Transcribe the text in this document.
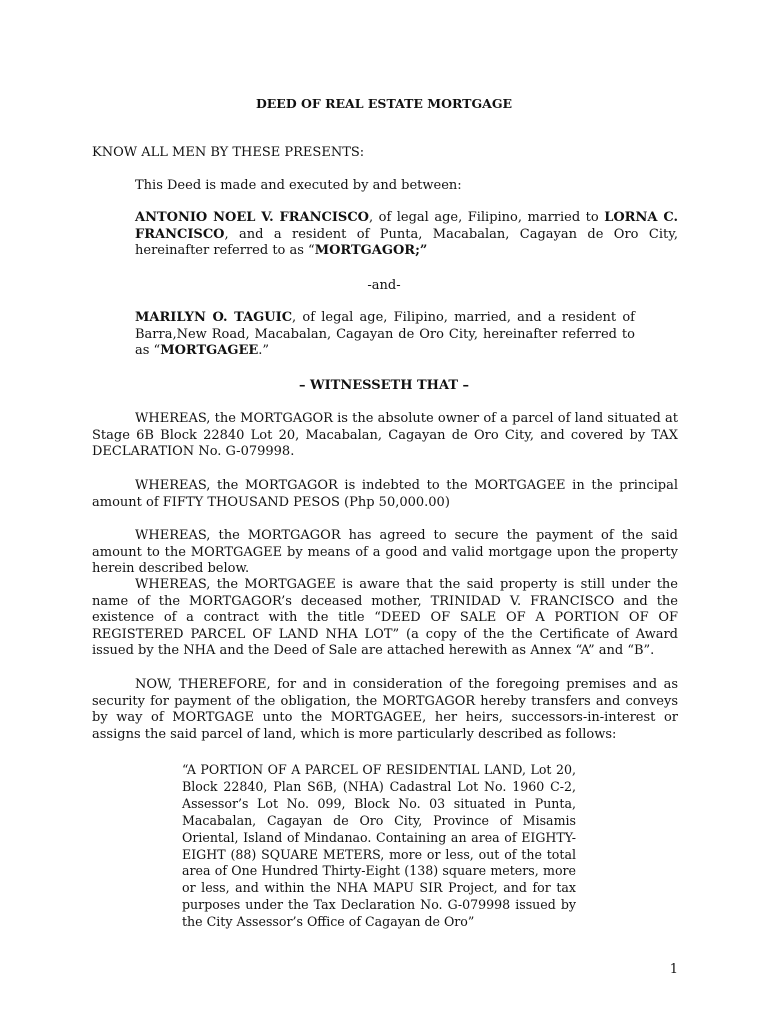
DEED OF REAL ESTATE MORTGAGE
KNOW ALL MEN BY THESE PRESENTS:
This Deed is made and executed by and between:
ANTONIO NOEL V. FRANCISCO, of legal age, Filipino, married to LORNA C. FRANCISCO, and a resident of Punta, Macabalan, Cagayan de Oro City, hereinafter referred to as “MORTGAGOR;”
-and-
MARILYN O. TAGUIC, of legal age, Filipino, married, and a resident of Barra,New Road, Macabalan, Cagayan de Oro City, hereinafter referred to as “MORTGAGEE.”
– WITNESSETH THAT –
WHEREAS, the MORTGAGOR is the absolute owner of a parcel of land situated at Stage 6B Block 22840 Lot 20, Macabalan, Cagayan de Oro City, and covered by TAX DECLARATION No. G-079998.
WHEREAS, the MORTGAGOR is indebted to the MORTGAGEE in the principal amount of FIFTY THOUSAND PESOS (Php 50,000.00)
WHEREAS, the MORTGAGOR has agreed to secure the payment of the said amount to the MORTGAGEE by means of a good and valid mortgage upon the property herein described below.
WHEREAS, the MORTGAGEE is aware that the said property is still under the name of the MORTGAGOR’s deceased mother, TRINIDAD V. FRANCISCO and the existence of a contract with the title “DEED OF SALE OF A PORTION OF OF REGISTERED PARCEL OF LAND NHA LOT” (a copy of the the Certificate of Award issued by the NHA and the Deed of Sale are attached herewith as Annex “A” and “B”.
NOW, THEREFORE, for and in consideration of the foregoing premises and as security for payment of the obligation, the MORTGAGOR hereby transfers and conveys by way of MORTGAGE unto the MORTGAGEE, her heirs, successors-in-interest or assigns the said parcel of land, which is more particularly described as follows:
“A PORTION OF A PARCEL OF RESIDENTIAL LAND, Lot 20, Block 22840, Plan S6B, (NHA) Cadastral Lot No. 1960 C-2, Assessor’s Lot No. 099, Block No. 03 situated in Punta, Macabalan, Cagayan de Oro City, Province of Misamis Oriental, Island of Mindanao. Containing an area of EIGHTY-EIGHT (88) SQUARE METERS, more or less, out of the total area of One Hundred Thirty-Eight (138) square meters, more or less, and within the NHA MAPU SIR Project, and for tax purposes under the Tax Declaration No. G-079998 issued by the City Assessor’s Office of Cagayan de Oro”
1
